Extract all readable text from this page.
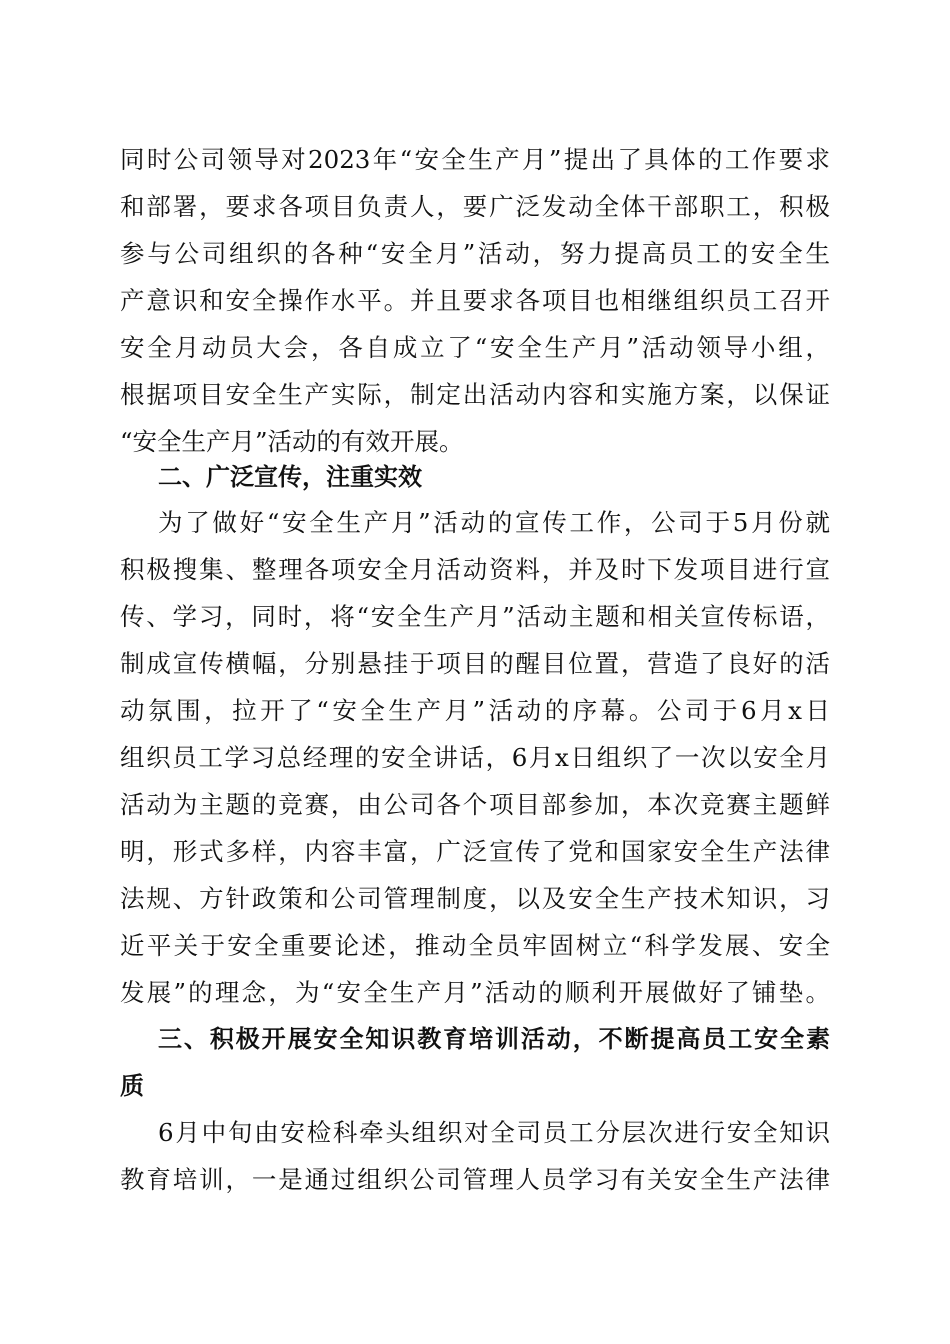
同时公司领导对2023年“安全生产月”提出了具体的工作要求
和部署，要求各项目负责人，要广泛发动全体干部职工，积极
参与公司组织的各种“安全月”活动，努力提高员工的安全生
产意识和安全操作水平。并且要求各项目也相继组织员工召开
安全月动员大会，各自成立了“安全生产月”活动领导小组，
根据项目安全生产实际，制定出活动内容和实施方案，以保证
“安全生产月”活动的有效开展。
二、广泛宣传，注重实效
为了做好“安全生产月”活动的宣传工作，公司于5月份就
积极搜集、整理各项安全月活动资料，并及时下发项目进行宣
传、学习，同时，将“安全生产月”活动主题和相关宣传标语，
制成宣传横幅，分别悬挂于项目的醒目位置，营造了良好的活
动氛围，拉开了“安全生产月”活动的序幕。公司于6月x日
组织员工学习总经理的安全讲话，6月x日组织了一次以安全月
活动为主题的竞赛，由公司各个项目部参加，本次竞赛主题鲜
明，形式多样，内容丰富，广泛宣传了党和国家安全生产法律
法规、方针政策和公司管理制度，以及安全生产技术知识，习
近平关于安全重要论述，推动全员牢固树立“科学发展、安全
发展”的理念，为“安全生产月”活动的顺利开展做好了铺垫。
三、积极开展安全知识教育培训活动，不断提高员工安全素
质
6月中旬由安检科牵头组织对全司员工分层次进行安全知识
教育培训，一是通过组织公司管理人员学习有关安全生产法律
